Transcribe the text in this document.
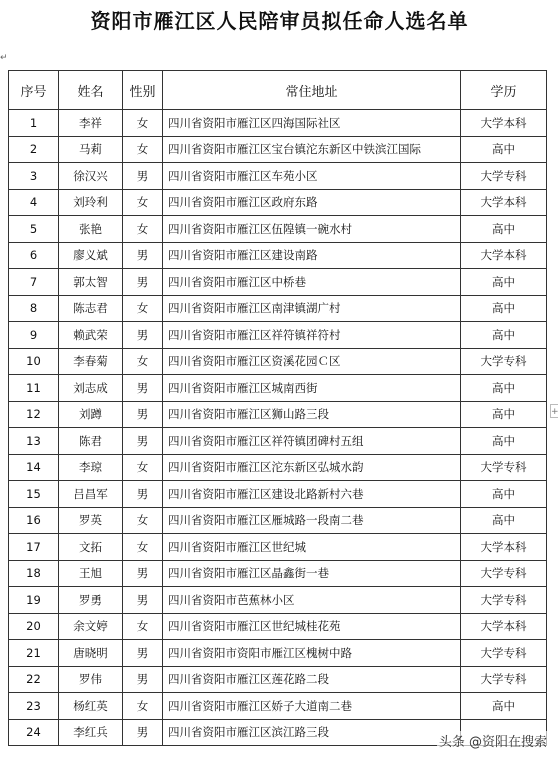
资阳市雁江区人民陪审员拟任命人选名单
↵
+
序号	姓名	性别	常住地址	学历
1	李祥	女	四川省资阳市雁江区四海国际社区	大学本科
2	马莉	女	四川省资阳市雁江区宝台镇沱东新区中铁滨江国际	高中
3	徐汉兴	男	四川省资阳市雁江区车苑小区	大学专科
4	刘玲利	女	四川省资阳市雁江区政府东路	大学本科
5	张艳	女	四川省资阳市雁江区伍隍镇一碗水村	高中
6	廖义斌	男	四川省资阳市雁江区建设南路	大学本科
7	郭太智	男	四川省资阳市雁江区中桥巷	高中
8	陈志君	女	四川省资阳市雁江区南津镇湖广村	高中
9	赖武荣	男	四川省资阳市雁江区祥符镇祥符村	高中
10	李春菊	女	四川省资阳市雁江区资溪花园Ｃ区	大学专科
11	刘志成	男	四川省资阳市雁江区城南西街	高中
12	刘蹲	男	四川省资阳市雁江区狮山路三段	高中
13	陈君	男	四川省资阳市雁江区祥符镇团碑村五组	高中
14	李琼	女	四川省资阳市雁江区沱东新区弘城水韵	大学专科
15	吕昌军	男	四川省资阳市雁江区建设北路新村六巷	高中
16	罗英	女	四川省资阳市雁江区雁城路一段南二巷	高中
17	文拓	女	四川省资阳市雁江区世纪城	大学本科
18	王旭	男	四川省资阳市雁江区晶鑫街一巷	大学专科
19	罗勇	男	四川省资阳市芭蕉林小区	大学专科
20	余文婷	女	四川省资阳市雁江区世纪城桂花苑	大学本科
21	唐晓明	男	四川省资阳市资阳市雁江区槐树中路	大学专科
22	罗伟	男	四川省资阳市雁江区莲花路二段	大学专科
23	杨红英	女	四川省资阳市雁江区娇子大道南二巷	高中
24	李红兵	男	四川省资阳市雁江区滨江路三段	
头条 @资阳在搜索
